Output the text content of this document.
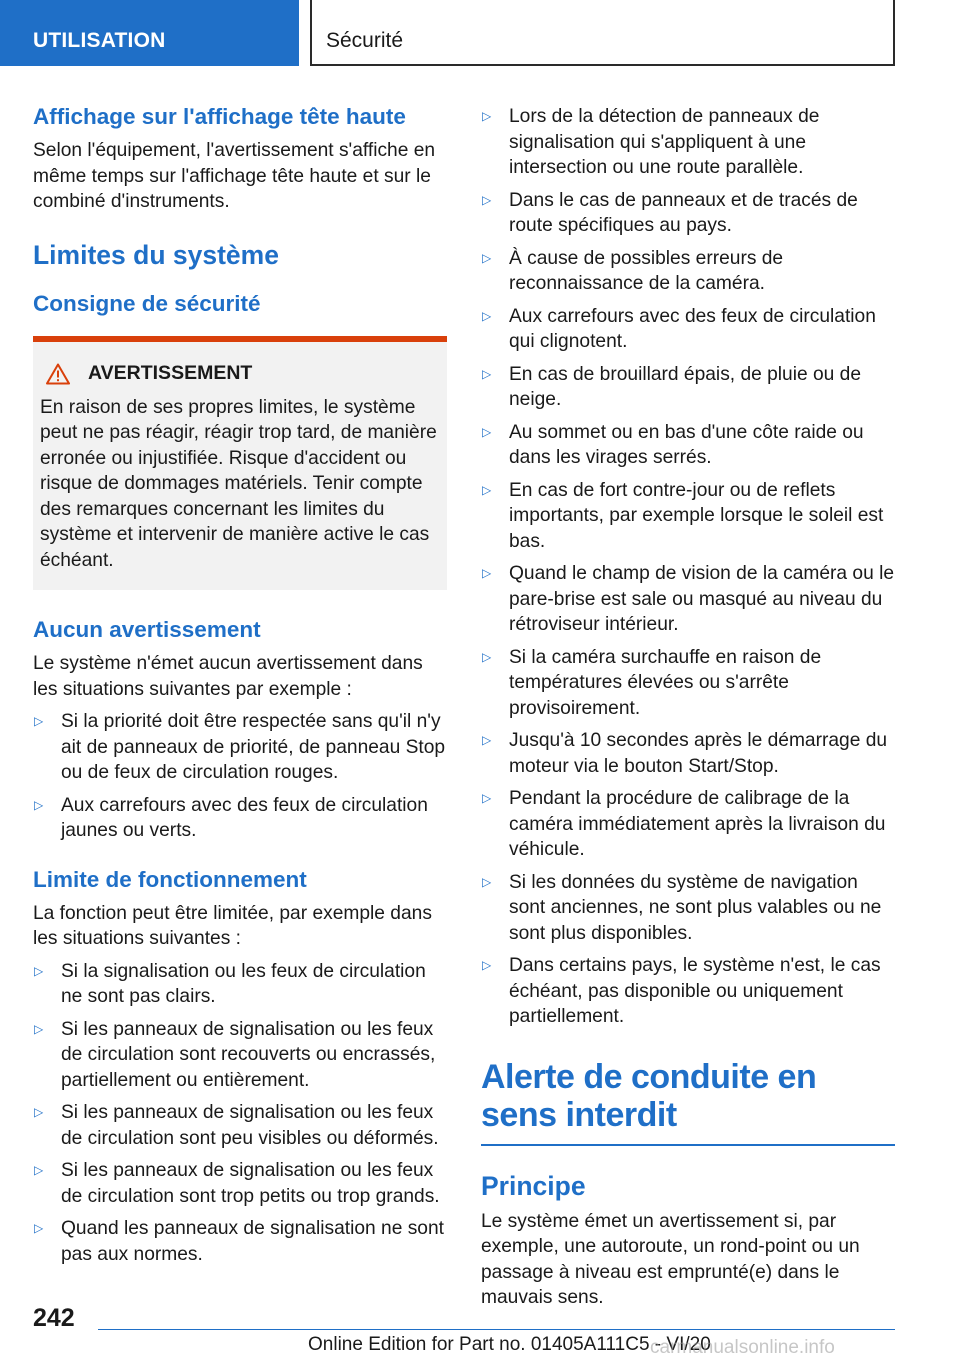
UTILISATION	Sécurité
Affichage sur l'affichage tête haute

Selon l'équipement, l'avertissement s'affiche en même temps sur l'affichage tête haute et sur le combiné d'instruments.

Limites du système
Consigne de sécurité
AVERTISSEMENT

En raison de ses propres limites, le système peut ne pas réagir, réagir trop tard, de manière erronée ou injustifiée. Risque d'accident ou risque de dommages matériels. Tenir compte des remarques concernant les limites du système et intervenir de manière active le cas échéant.

Aucun avertissement

Le système n'émet aucun avertissement dans les situations suivantes par exemple :

▷ Si la priorité doit être respectée sans qu'il n'y ait de panneaux de priorité, de panneau Stop ou de feux de circulation rouges.
▷ Aux carrefours avec des feux de circulation jaunes ou verts.
Limite de fonctionnement

La fonction peut être limitée, par exemple dans les situations suivantes :

▷ Si la signalisation ou les feux de circulation ne sont pas clairs.
▷ Si les panneaux de signalisation ou les feux de circulation sont recouverts ou encrassés, partiellement ou entièrement.
▷ Si les panneaux de signalisation ou les feux de circulation sont peu visibles ou déformés.
▷ Si les panneaux de signalisation ou les feux de circulation sont trop petits ou trop grands.
▷ Quand les panneaux de signalisation ne sont pas aux normes.
▷ Lors de la détection de panneaux de signalisation qui s'appliquent à une intersection ou une route parallèle.
▷ Dans le cas de panneaux et de tracés de route spécifiques au pays.
▷ À cause de possibles erreurs de reconnaissance de la caméra.
▷ Aux carrefours avec des feux de circulation qui clignotent.
▷ En cas de brouillard épais, de pluie ou de neige.
▷ Au sommet ou en bas d'une côte raide ou dans les virages serrés.
▷ En cas de fort contre-jour ou de reflets importants, par exemple lorsque le soleil est bas.
▷ Quand le champ de vision de la caméra ou le pare-brise est sale ou masqué au niveau du rétroviseur intérieur.
▷ Si la caméra surchauffe en raison de températures élevées ou s'arrête provisoirement.
▷ Jusqu'à 10 secondes après le démarrage du moteur via le bouton Start/Stop.
▷ Pendant la procédure de calibrage de la caméra immédiatement après la livraison du véhicule.
▷ Si les données du système de navigation sont anciennes, ne sont plus valables ou ne sont plus disponibles.
▷ Dans certains pays, le système n'est, le cas échéant, pas disponible ou uniquement partiellement.
Alerte de conduite en sens interdit
Principe

Le système émet un avertissement si, par exemple, une autoroute, un rond-point ou un passage à niveau est emprunté(e) dans le mauvais sens.

242
Online Edition for Part no. 01405A111C5 - VI/20
carmanualsonline.info
